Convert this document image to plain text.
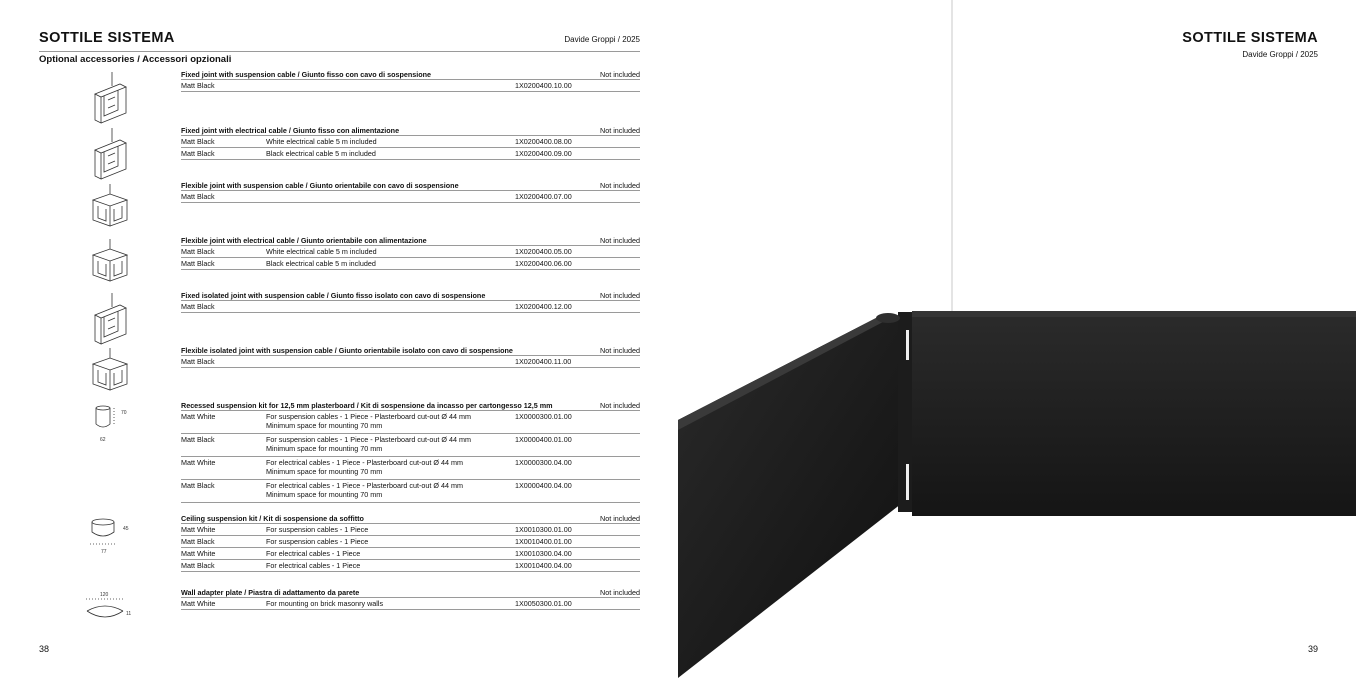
SOTTILE SISTEMA	Davide Groppi / 2025
Optional accessories / Accessori opzionali
Fixed joint with suspension cable / Giunto fisso con cavo di sospensione	Not included
Matt Black	1X0200400.10.00
Fixed joint with electrical cable / Giunto fisso con alimentazione	Not included
Matt Black	White electrical cable 5 m included	1X0200400.08.00
Matt Black	Black electrical cable 5 m included	1X0200400.09.00
Flexible joint with suspension cable / Giunto orientabile con cavo di sospensione	Not included
Matt Black	1X0200400.07.00
Flexible joint with electrical cable / Giunto orientabile con alimentazione	Not included
Matt Black	White electrical cable 5 m included	1X0200400.05.00
Matt Black	Black electrical cable 5 m included	1X0200400.06.00
Fixed isolated joint with suspension cable / Giunto fisso isolato con cavo di sospensione	Not included
Matt Black	1X0200400.12.00
Flexible isolated joint with suspension cable / Giunto orientabile isolato con cavo di sospensione	Not included
Matt Black	1X0200400.11.00
Recessed suspension kit for 12,5 mm plasterboard / Kit di sospensione da incasso per cartongesso 12,5 mm	Not included
Matt White	For suspension cables - 1 Piece - Plasterboard cut-out Ø 44 mm
Minimum space for mounting 70 mm
1X0000300.01.00
Matt Black	For suspension cables - 1 Piece - Plasterboard cut-out Ø 44 mm
Minimum space for mounting 70 mm
1X0000400.01.00
Matt White	For electrical cables - 1 Piece - Plasterboard cut-out Ø 44 mm
Minimum space for mounting 70 mm
1X0000300.04.00
Matt Black	For electrical cables - 1 Piece - Plasterboard cut-out Ø 44 mm
Minimum space for mounting 70 mm
1X0000400.04.00
Ceiling suspension kit / Kit di sospensione da soffitto	Not included
Matt White	For suspension cables - 1 Piece	1X0010300.01.00
Matt Black	For suspension cables - 1 Piece	1X0010400.01.00
Matt White	For electrical cables - 1 Piece	1X0010300.04.00
Matt Black	For electrical cables - 1 Piece	1X0010400.04.00
Wall adapter plate / Piastra di adattamento da parete	Not included
Matt White	For mounting on brick masonry walls	1X0050300.01.00
70
62
45
77
120
11
38
SOTTILE SISTEMA
Davide Groppi / 2025
39
